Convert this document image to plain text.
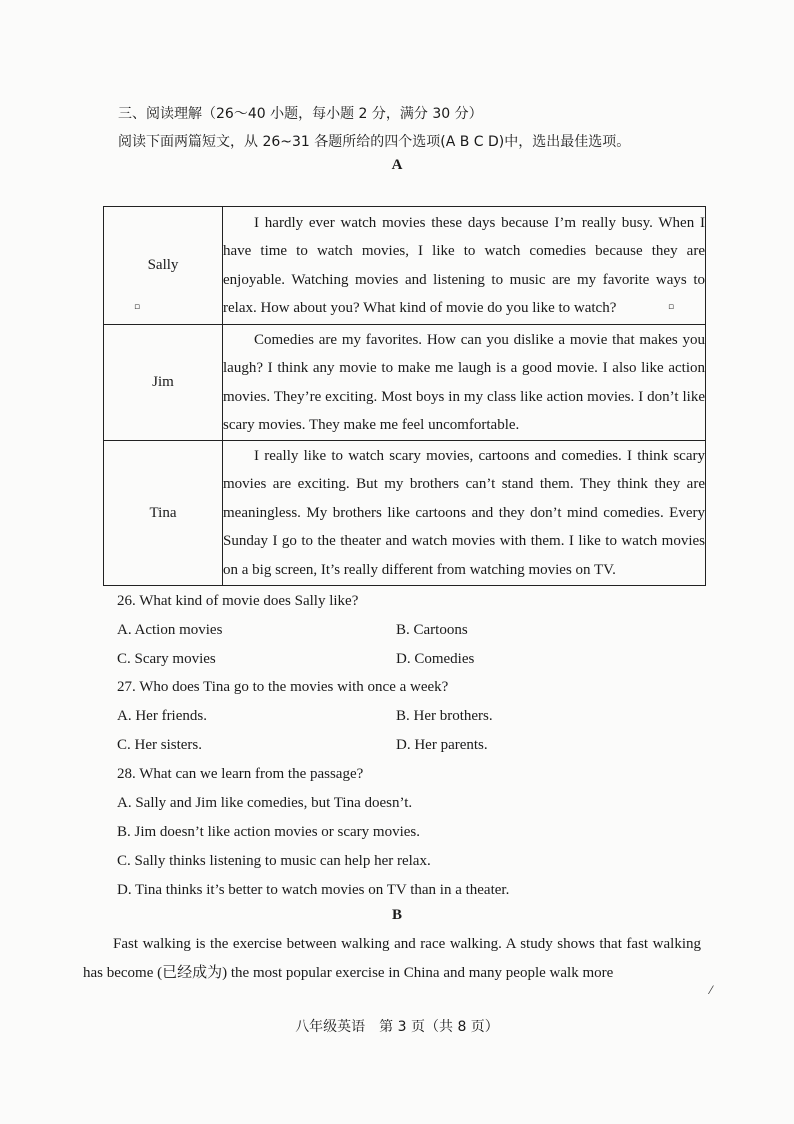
三、阅读理解（26～40 小题，每小题 2 分，满分 30 分）
阅读下面两篇短文，从 26~31 各题所给的四个选项(A B C D)中，选出最佳选项。
A
Sally	I hardly ever watch movies these days because I’m really busy. When I have time to watch movies, I like to watch comedies because they are enjoyable. Watching movies and listening to music are my favorite ways to relax. How about you? What kind of movie do you like to watch?

Jim	Comedies are my favorites. How can you dislike a movie that makes you laugh? I think any movie to make me laugh is a good movie. I also like action movies. They’re exciting. Most boys in my class like action movies. I don’t like scary movies. They make me feel uncomfortable.

Tina	I really like to watch scary movies, cartoons and comedies. I think scary movies are exciting. But my brothers can’t stand them. They think they are meaningless. My brothers like cartoons and they don’t mind comedies. Every Sunday I go to the theater and watch movies with them. I like to watch movies on a big screen, It’s really different from watching movies on TV.

▫	▫
26. What kind of movie does Sally like?
A. Action movies	B. Cartoons
C. Scary movies	D. Comedies
27. Who does Tina go to the movies with once a week?
A. Her friends.	B. Her brothers.
C. Her sisters.	D. Her parents.
28. What can we learn from the passage?
A. Sally and Jim like comedies, but Tina doesn’t.
B. Jim doesn’t like action movies or scary movies.
C. Sally thinks listening to music can help her relax.
D. Tina thinks it’s better to watch movies on TV than in a theater.
B

Fast walking is the exercise between walking and race walking. A study shows that fast walking has become (已经成为) the most popular exercise in China and many people walk more

⁄
八年级英语　第 3 页（共 8 页）
